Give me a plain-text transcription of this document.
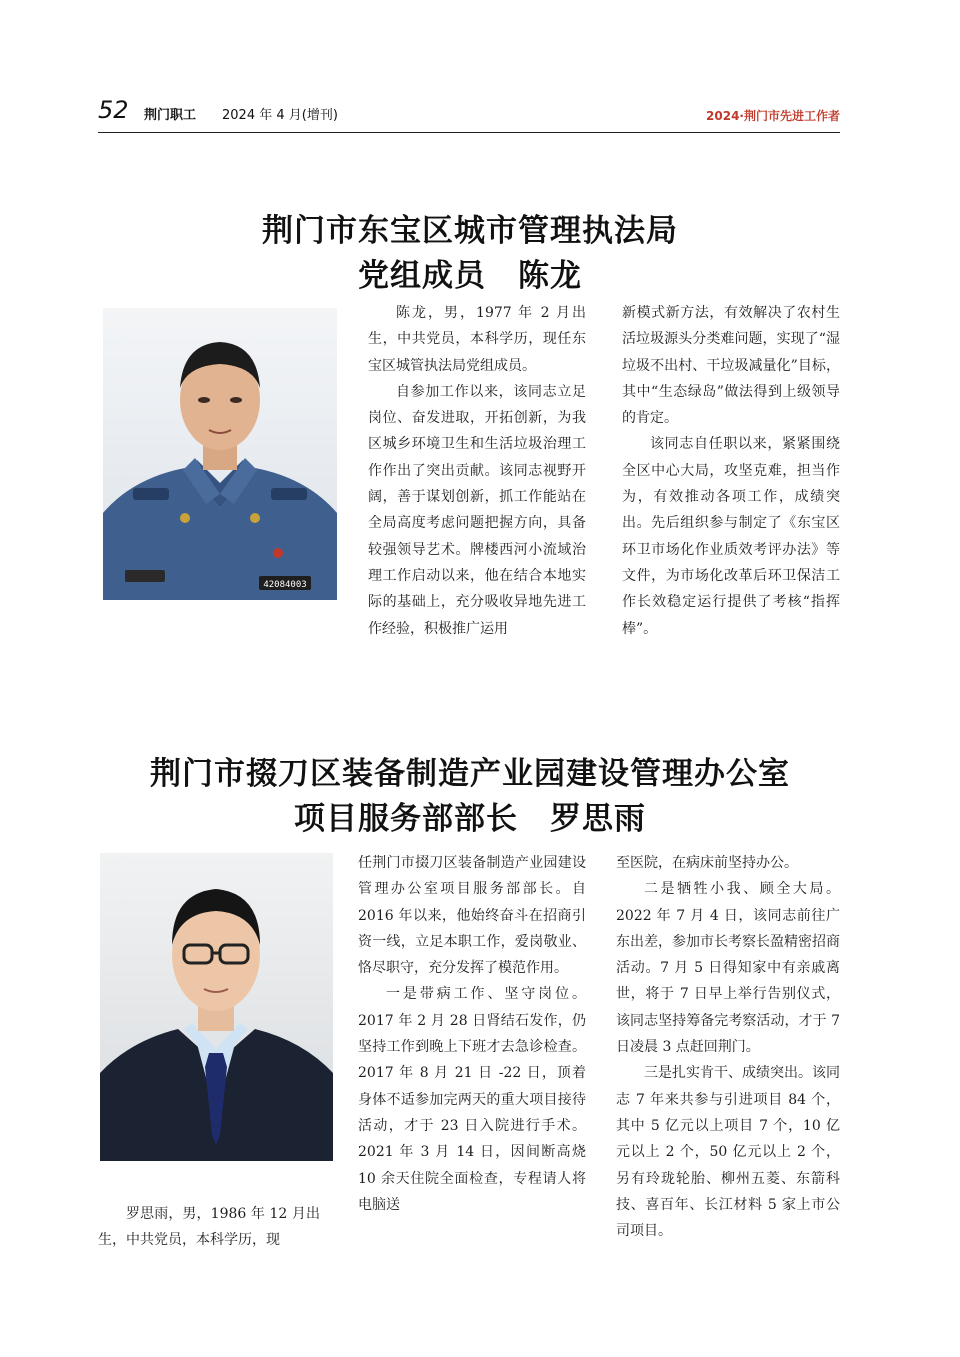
52 荆门职工 2024 年 4 月(增刊)	2024·荆门市先进工作者
荆门市东宝区城市管理执法局
党组成员　陈龙
42084003

陈龙，男，1977 年 2 月出生，中共党员，本科学历，现任东宝区城管执法局党组成员。

自参加工作以来，该同志立足岗位、奋发进取，开拓创新，为我区城乡环境卫生和生活垃圾治理工作作出了突出贡献。该同志视野开阔，善于谋划创新，抓工作能站在全局高度考虑问题把握方向，具备较强领导艺术。牌楼西河小流域治理工作启动以来，他在结合本地实际的基础上，充分吸收异地先进工作经验，积极推广运用

新模式新方法，有效解决了农村生活垃圾源头分类难问题，实现了“湿垃圾不出村、干垃圾减量化”目标，其中“生态绿岛”做法得到上级领导的肯定。

该同志自任职以来，紧紧围绕全区中心大局，攻坚克难，担当作为，有效推动各项工作，成绩突出。先后组织参与制定了《东宝区环卫市场化作业质效考评办法》等文件，为市场化改革后环卫保洁工作长效稳定运行提供了考核“指挥棒”。

荆门市掇刀区装备制造产业园建设管理办公室
项目服务部部长　罗思雨

罗思雨，男，1986 年 12 月出生，中共党员，本科学历，现

任荆门市掇刀区装备制造产业园建设管理办公室项目服务部部长。自 2016 年以来，他始终奋斗在招商引资一线，立足本职工作，爱岗敬业、恪尽职守，充分发挥了模范作用。

一是带病工作、坚守岗位。2017 年 2 月 28 日肾结石发作，仍坚持工作到晚上下班才去急诊检查。2017 年 8 月 21 日 -22 日，顶着身体不适参加完两天的重大项目接待活动，才于 23 日入院进行手术。2021 年 3 月 14 日，因间断高烧 10 余天住院全面检查，专程请人将电脑送

至医院，在病床前坚持办公。

二是牺牲小我、顾全大局。2022 年 7 月 4 日，该同志前往广东出差，参加市长考察长盈精密招商活动。7 月 5 日得知家中有亲戚离世，将于 7 日早上举行告别仪式，该同志坚持筹备完考察活动，才于 7 日凌晨 3 点赶回荆门。

三是扎实肯干、成绩突出。该同志 7 年来共参与引进项目 84 个，其中 5 亿元以上项目 7 个，10 亿元以上 2 个，50 亿元以上 2 个，另有玲珑轮胎、柳州五菱、东箭科技、喜百年、长江材料 5 家上市公司项目。
